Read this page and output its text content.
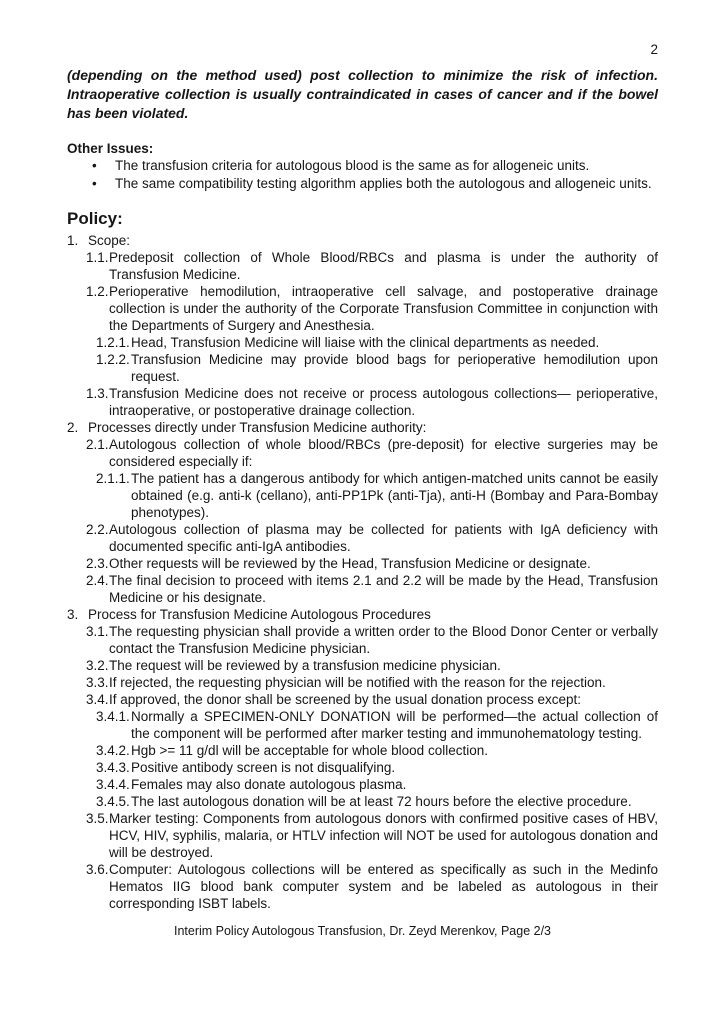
2

(depending on the method used) post collection to minimize the risk of infection. Intraoperative collection is usually contraindicated in cases of cancer and if the bowel has been violated.

Other Issues:
•	The transfusion criteria for autologous blood is the same as for allogeneic units.
•	The same compatibility testing algorithm applies both the autologous and allogeneic units.
Policy:
1. Scope:
1.1. Predeposit collection of Whole Blood/RBCs and plasma is under the authority of Transfusion Medicine.
1.2. Perioperative hemodilution, intraoperative cell salvage, and postoperative drainage collection is under the authority of the Corporate Transfusion Committee in conjunction with the Departments of Surgery and Anesthesia.
1.2.1. Head, Transfusion Medicine will liaise with the clinical departments as needed.
1.2.2. Transfusion Medicine may provide blood bags for perioperative hemodilution upon request.
1.3. Transfusion Medicine does not receive or process autologous collections— perioperative, intraoperative, or postoperative drainage collection.
2. Processes directly under Transfusion Medicine authority:
2.1. Autologous collection of whole blood/RBCs (pre-deposit) for elective surgeries may be considered especially if:
2.1.1. The patient has a dangerous antibody for which antigen-matched units cannot be easily obtained (e.g. anti-k (cellano), anti-PP1Pk (anti-Tja), anti-H (Bombay and Para-Bombay phenotypes).
2.2. Autologous collection of plasma may be collected for patients with IgA deficiency with documented specific anti-IgA antibodies.
2.3. Other requests will be reviewed by the Head, Transfusion Medicine or designate.
2.4. The final decision to proceed with items 2.1 and 2.2 will be made by the Head, Transfusion Medicine or his designate.
3. Process for Transfusion Medicine Autologous Procedures
3.1. The requesting physician shall provide a written order to the Blood Donor Center or verbally contact the Transfusion Medicine physician.
3.2. The request will be reviewed by a transfusion medicine physician.
3.3. If rejected, the requesting physician will be notified with the reason for the rejection.
3.4. If approved, the donor shall be screened by the usual donation process except:
3.4.1. Normally a SPECIMEN-ONLY DONATION will be performed—the actual collection of the component will be performed after marker testing and immunohematology testing.
3.4.2. Hgb >= 11 g/dl will be acceptable for whole blood collection.
3.4.3. Positive antibody screen is not disqualifying.
3.4.4. Females may also donate autologous plasma.
3.4.5. The last autologous donation will be at least 72 hours before the elective procedure.
3.5. Marker testing: Components from autologous donors with confirmed positive cases of HBV, HCV, HIV, syphilis, malaria, or HTLV infection will NOT be used for autologous donation and will be destroyed.
3.6. Computer: Autologous collections will be entered as specifically as such in the Medinfo Hematos IIG blood bank computer system and be labeled as autologous in their corresponding ISBT labels.
Interim Policy Autologous Transfusion, Dr. Zeyd Merenkov, Page 2/3
